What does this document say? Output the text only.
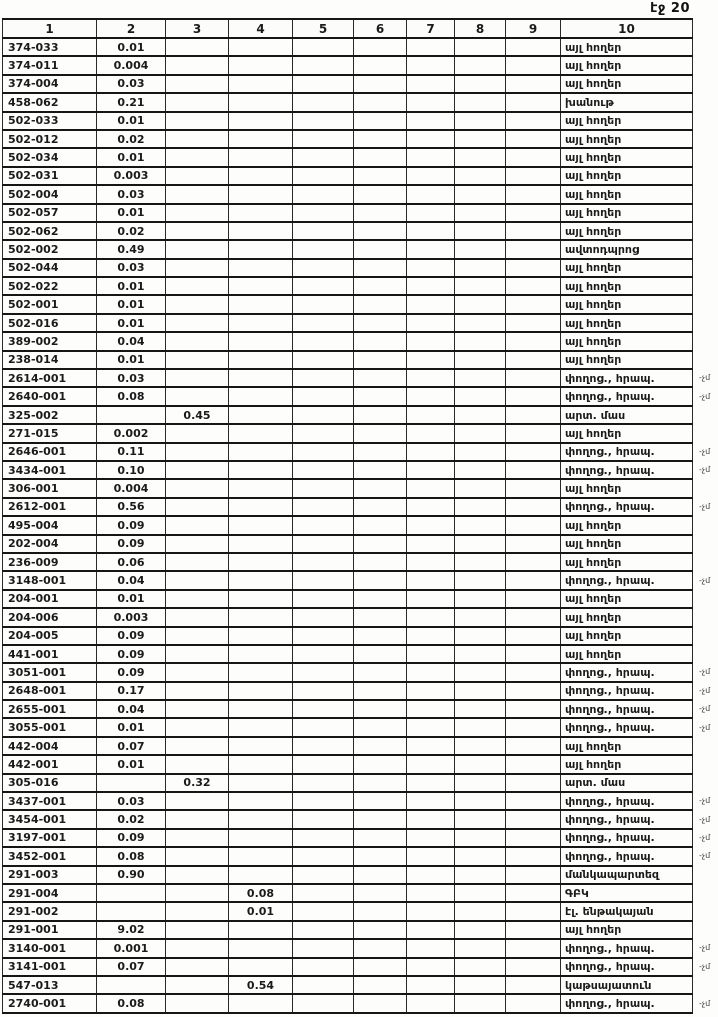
էջ 20
1	2	3	4	5	6	7	8	9	10	
374-033	0.01								այլ հողեր	
374-011	0.004								այլ հողեր	
374-004	0.03								այլ հողեր	
458-062	0.21								խանութ	
502-033	0.01								այլ հողեր	
502-012	0.02								այլ հողեր	
502-034	0.01								այլ հողեր	
502-031	0.003								այլ հողեր	
502-004	0.03								այլ հողեր	
502-057	0.01								այլ հողեր	
502-062	0.02								այլ հողեր	
502-002	0.49								ավտոդպրոց	
502-044	0.03								այլ հողեր	
502-022	0.01								այլ հողեր	
502-001	0.01								այլ հողեր	
502-016	0.01								այլ հողեր	
389-002	0.04								այլ հողեր	
238-014	0.01								այլ հողեր	
2614-001	0.03								փողոց., հրապ.	-չմ
2640-001	0.08								փողոց., հրապ.	-չմ
325-002		0.45							արտ. մաս	
271-015	0.002								այլ հողեր	
2646-001	0.11								փողոց., հրապ.	-չմ
3434-001	0.10								փողոց., հրապ.	-չմ
306-001	0.004								այլ հողեր	
2612-001	0.56								փողոց., հրապ.	-չմ
495-004	0.09								այլ հողեր	
202-004	0.09								այլ հողեր	
236-009	0.06								այլ հողեր	
3148-001	0.04								փողոց., հրապ.	-չմ
204-001	0.01								այլ հողեր	
204-006	0.003								այլ հողեր	
204-005	0.09								այլ հողեր	
441-001	0.09								այլ հողեր	
3051-001	0.09								փողոց., հրապ.	-չմ
2648-001	0.17								փողոց., հրապ.	-չմ
2655-001	0.04								փողոց., հրապ.	-չմ
3055-001	0.01								փողոց., հրապ.	-չմ
442-004	0.07								այլ հողեր	
442-001	0.01								այլ հողեր	
305-016		0.32							արտ. մաս	
3437-001	0.03								փողոց., հրապ.	-չմ
3454-001	0.02								փողոց., հրապ.	-չմ
3197-001	0.09								փողոց., հրապ.	-չմ
3452-001	0.08								փողոց., հրապ.	-չմ
291-003	0.90								մանկապարտեզ	
291-004			0.08						ԳԲԿ	
291-002			0.01						էլ. ենթակայան	
291-001	9.02								այլ հողեր	
3140-001	0.001								փողոց., հրապ.	-չմ
3141-001	0.07								փողոց., հրապ.	-չմ
547-013			0.54						կաթսայատուն	
2740-001	0.08								փողոց., հրապ.	-չմ
